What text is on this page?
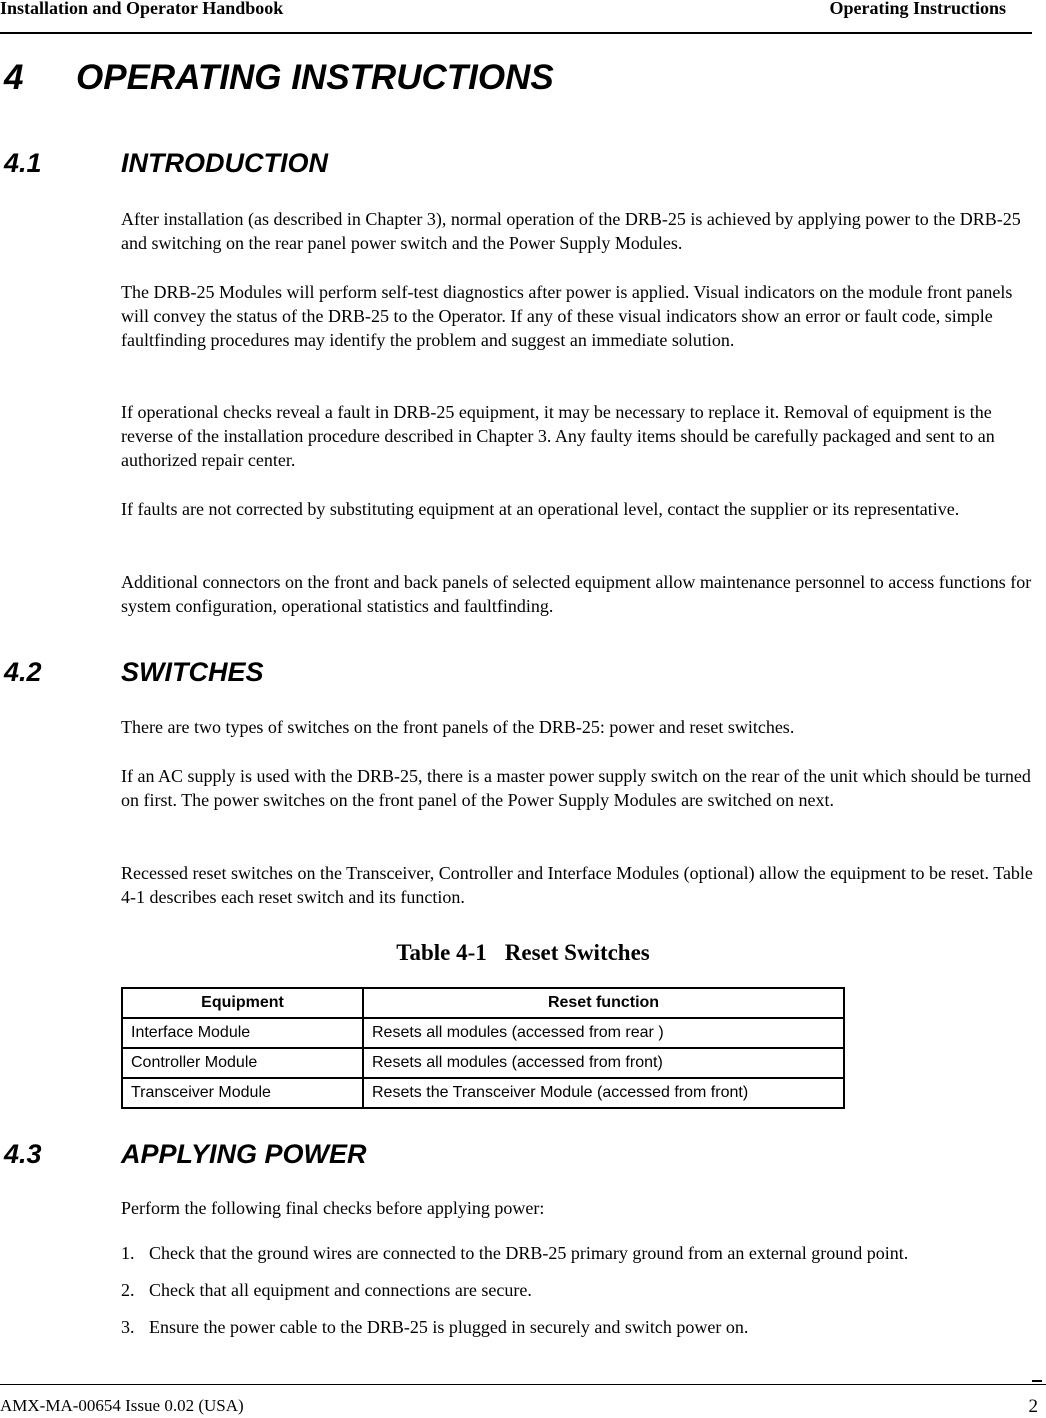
Installation and Operator Handbook	Operating Instructions
4 OPERATING INSTRUCTIONS
4.1	INTRODUCTION

After installation (as described in Chapter 3), normal operation of the DRB-25 is achieved by applying power to the DRB-25 and switching on the rear panel power switch and the Power Supply Modules.

The DRB-25 Modules will perform self-test diagnostics after power is applied. Visual indicators on the module front panels will convey the status of the DRB-25 to the Operator. If any of these visual indicators show an error or fault code, simple faultfinding procedures may identify the problem and suggest an immediate solution.

If operational checks reveal a fault in DRB-25 equipment, it may be necessary to replace it. Removal of equipment is the reverse of the installation procedure described in Chapter 3. Any faulty items should be carefully packaged and sent to an authorized repair center.

If faults are not corrected by substituting equipment at an operational level, contact the supplier or its representative.

Additional connectors on the front and back panels of selected equipment allow maintenance personnel to access functions for system configuration, operational statistics and faultfinding.

4.2	SWITCHES

There are two types of switches on the front panels of the DRB-25: power and reset switches.

If an AC supply is used with the DRB-25, there is a master power supply switch on the rear of the unit which should be turned on first. The power switches on the front panel of the Power Supply Modules are switched on next.

Recessed reset switches on the Transceiver, Controller and Interface Modules (optional) allow the equipment to be reset. Table 4-1 describes each reset switch and its function.

Table 4-1 Reset Switches
Equipment	Reset function
Interface Module	Resets all modules (accessed from rear )
Controller Module	Resets all modules (accessed from front)
Transceiver Module	Resets the Transceiver Module (accessed from front)
4.3	APPLYING POWER

Perform the following final checks before applying power:

1. Check that the ground wires are connected to the DRB-25 primary ground from an external ground point.
2. Check that all equipment and connections are secure.
3. Ensure the power cable to the DRB-25 is plugged in securely and switch power on.
AMX-MA-00654 Issue 0.02 (USA)	2
